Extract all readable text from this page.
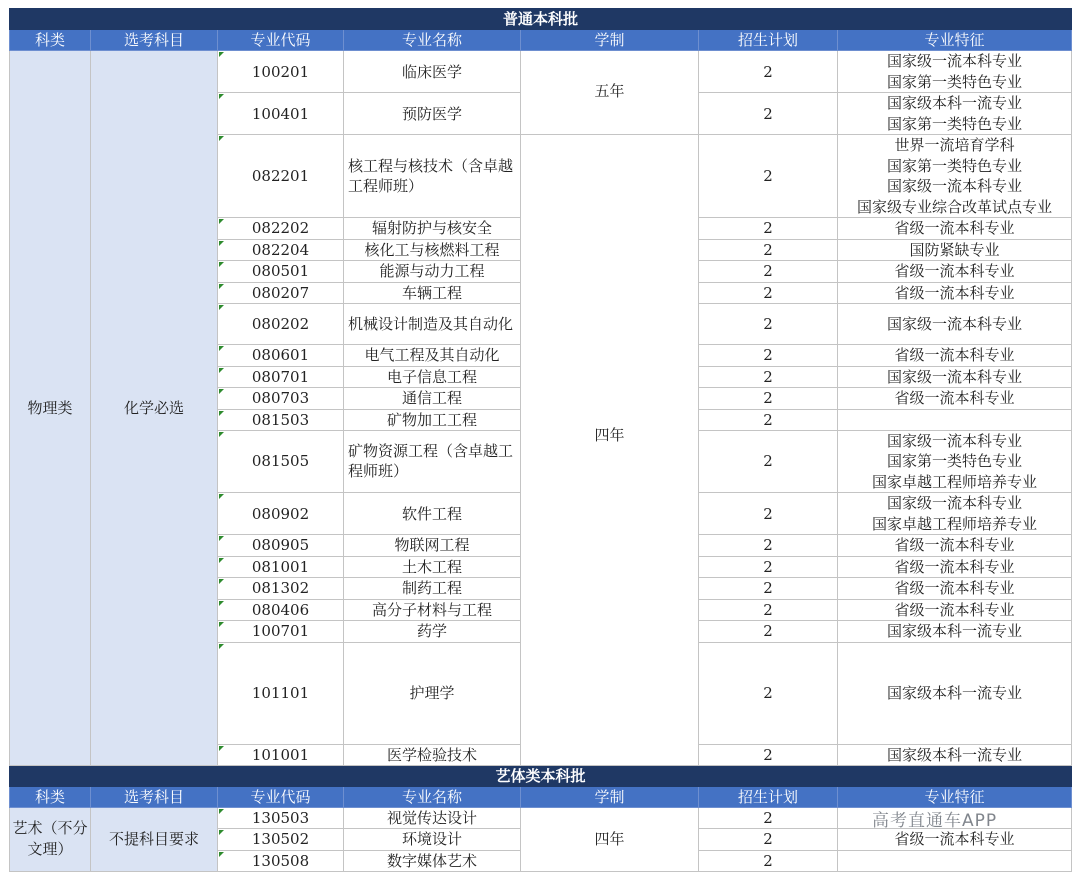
普通本科批						
科类	选考科目	专业代码	专业名称	学制	招生计划	专业特征
物理类	化学必选	100201	临床医学	五年	2	国家级一流本科专业
国家第一类特色专业

		100401	预防医学		2	国家级本科一流专业
国家第一类特色专业

		082201	核工程与核技术（含卓越工程师班）	四年	2	世界一流培育学科
国家第一类特色专业
国家级一流本科专业
国家级专业综合改革试点专业

		082202	辐射防护与核安全		2	省级一流本科专业

		082204	核化工与核燃料工程		2	国防紧缺专业

		080501	能源与动力工程		2	省级一流本科专业

		080207	车辆工程		2	省级一流本科专业

		080202	机械设计制造及其自动化		2	国家级一流本科专业

		080601	电气工程及其自动化		2	省级一流本科专业

		080701	电子信息工程		2	国家级一流本科专业

		080703	通信工程		2	省级一流本科专业

		081503	矿物加工工程		2	
		081505	矿物资源工程（含卓越工程师班）		2	国家级一流本科专业
国家第一类特色专业
国家卓越工程师培养专业

		080902	软件工程		2	国家级一流本科专业
国家卓越工程师培养专业

		080905	物联网工程		2	省级一流本科专业

		081001	土木工程		2	省级一流本科专业

		081302	制药工程		2	省级一流本科专业

		080406	高分子材料与工程		2	省级一流本科专业

		100701	药学		2	国家级本科一流专业

		101101	护理学		2	国家级本科一流专业

		101001	医学检验技术		2	国家级本科一流专业

艺体类本科批						
科类	选考科目	专业代码	专业名称	学制	招生计划	专业特征
艺术（不分文理）	不提科目要求	130503	视觉传达设计	四年	2	
		130502	环境设计		2	省级一流本科专业

		130508	数字媒体艺术		2	
高考直通车APP
